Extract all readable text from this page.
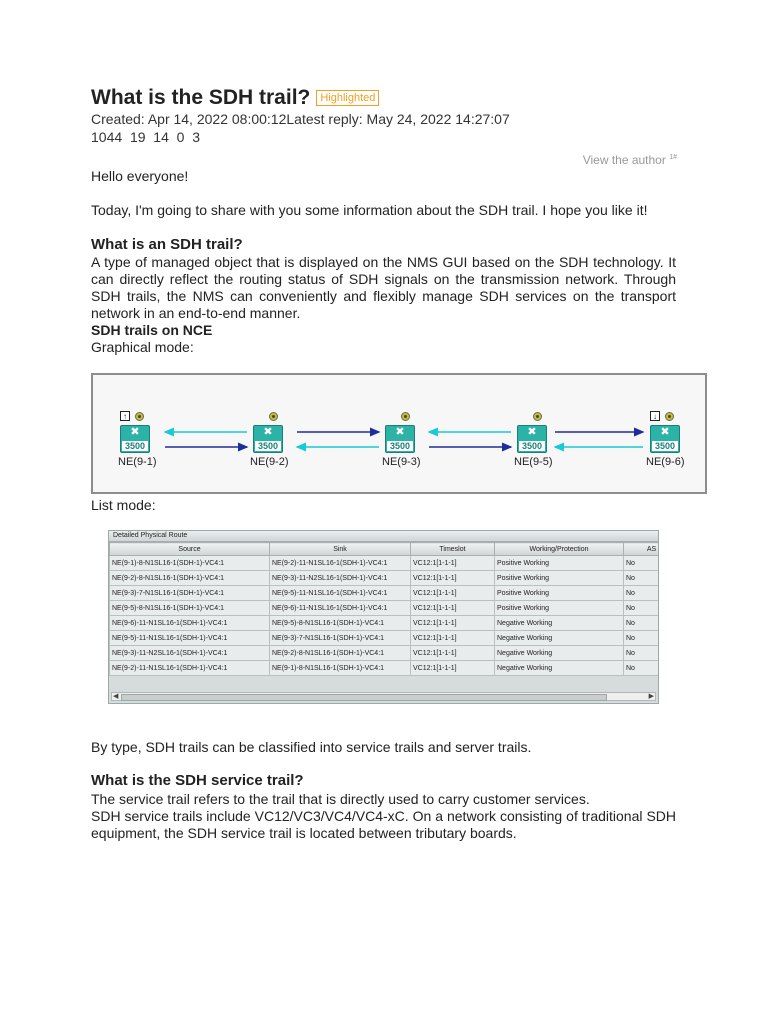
What is the SDH trail? Highlighted
Created: Apr 14, 2022 08:00:12Latest reply: May 24, 2022 14:27:07 1044 19 14 0 3
View the author $^{1\#}$
Hello everyone!
Today, I'm going to share with you some information about the SDH trail. I hope you like it!
What is an SDH trail?
A type of managed object that is displayed on the NMS GUI based on the SDH technology. It can directly reflect the routing status of SDH signals on the transmission network. Through SDH trails, the NMS can conveniently and flexibly manage SDH services on the transport network in an end-to-end manner.
SDH trails on NCE
Graphical mode:
✖
3500
↑
NE(9-1)
✖
3500
NE(9-2)
✖
3500
NE(9-3)
✖
3500
NE(9-5)
✖
3500
↓
NE(9-6)
List mode:
Detailed Physical Route
Source	Sink	Timeslot	Working/Protection	AS
NE(9-1)-8-N1SL16-1(SDH-1)-VC4:1	NE(9-2)-11-N1SL16-1(SDH-1)-VC4:1	VC12:1[1-1-1]	Positive Working	No
NE(9-2)-8-N1SL16-1(SDH-1)-VC4:1	NE(9-3)-11-N2SL16-1(SDH-1)-VC4:1	VC12:1[1-1-1]	Positive Working	No
NE(9-3)-7-N1SL16-1(SDH-1)-VC4:1	NE(9-5)-11-N1SL16-1(SDH-1)-VC4:1	VC12:1[1-1-1]	Positive Working	No
NE(9-5)-8-N1SL16-1(SDH-1)-VC4:1	NE(9-6)-11-N1SL16-1(SDH-1)-VC4:1	VC12:1[1-1-1]	Positive Working	No
NE(9-6)-11-N1SL16-1(SDH-1)-VC4:1	NE(9-5)-8-N1SL16-1(SDH-1)-VC4:1	VC12:1[1-1-1]	Negative Working	No
NE(9-5)-11-N1SL16-1(SDH-1)-VC4:1	NE(9-3)-7-N1SL16-1(SDH-1)-VC4:1	VC12:1[1-1-1]	Negative Working	No
NE(9-3)-11-N2SL16-1(SDH-1)-VC4:1	NE(9-2)-8-N1SL16-1(SDH-1)-VC4:1	VC12:1[1-1-1]	Negative Working	No
NE(9-2)-11-N1SL16-1(SDH-1)-VC4:1	NE(9-1)-8-N1SL16-1(SDH-1)-VC4:1	VC12:1[1-1-1]	Negative Working	No
◀	▶
By type, SDH trails can be classified into service trails and server trails.
What is the SDH service trail?
The service trail refers to the trail that is directly used to carry customer services.
SDH service trails include VC12/VC3/VC4/VC4-xC. On a network consisting of traditional SDH equipment, the SDH service trail is located between tributary boards.
